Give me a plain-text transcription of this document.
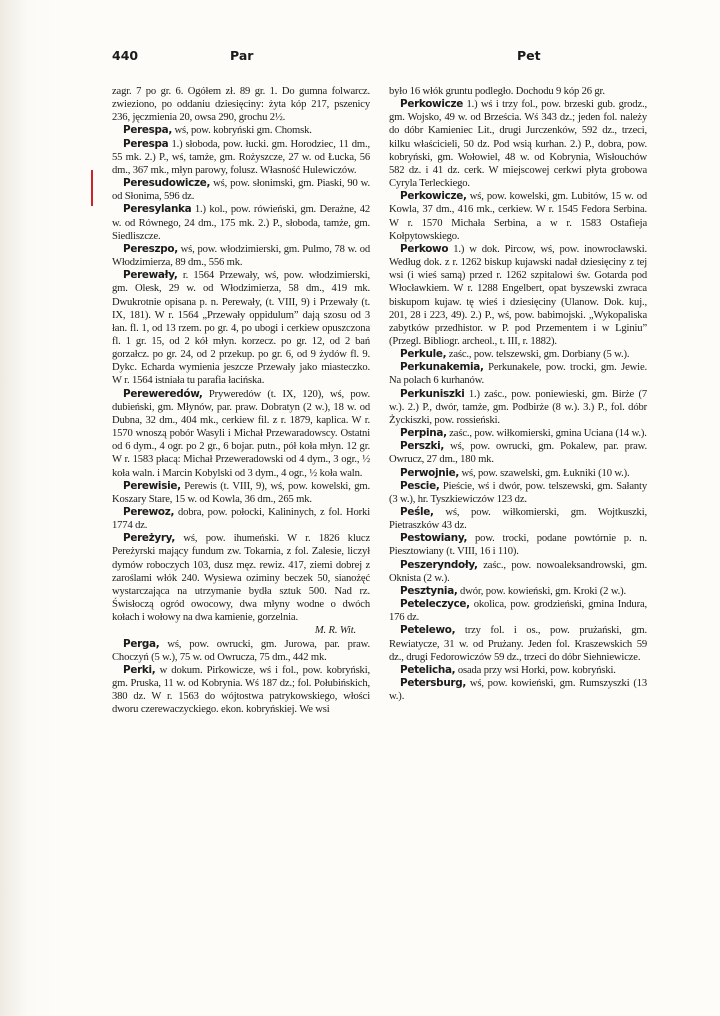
440	Par	Pet

zagr. 7 po gr. 6. Ogółem zł. 89 gr. 1. Do gumna folwarcz. zwieziono, po oddaniu dziesięciny: żyta kóp 217, pszenicy 236, jęczmienia 20, owsa 290, grochu 2½.

Perespa, wś, pow. kobryński gm. Chomsk.

Perespa 1.) słoboda, pow. łucki. gm. Horodziec, 11 dm., 55 mk. 2.) P., wś, tamże, gm. Rożyszcze, 27 w. od Łucka, 56 dm., 367 mk., młyn parowy, folusz. Własność Hulewiczów.

Peresudowicze, wś, pow. słonimski, gm. Piaski, 90 w. od Słonima, 596 dz.

Peresylanka 1.) kol., pow. rówieński, gm. Derażne, 42 w. od Równego, 24 dm., 175 mk. 2.) P., słoboda, tamże, gm. Siedliszcze.

Pereszpo, wś, pow. włodzimierski, gm. Pulmo, 78 w. od Włodzimierza, 89 dm., 556 mk.

Perewały, r. 1564 Przewały, wś, pow. włodzimierski, gm. Olesk, 29 w. od Włodzimierza, 58 dm., 419 mk. Dwukrotnie opisana p. n. Perewały, (t. VIII, 9) i Przewały (t. IX, 181). W r. 1564 „Przewały oppidulum” dają szosu od 3 łan. fl. 1, od 13 rzem. po gr. 4, po ubogi i cerkiew opuszczona fl. 1 gr. 15, od 2 kół młyn. korzecz. po gr. 12, od 2 bań gorzałcz. po gr. 24, od 2 przekup. po gr. 6, od 9 żydów fl. 9. Dykc. Echarda wymienia jeszcze Przewały jako miasteczko. W r. 1564 istniała tu parafia łacińska.

Pereweredów, Pryweredów (t. IX, 120), wś, pow. dubieński, gm. Młynów, par. praw. Dobratyn (2 w.), 18 w. od Dubna, 32 dm., 404 mk., cerkiew fil. z r. 1879, kaplica. W r. 1570 wnoszą pobór Wasyli i Michał Przewaradowscy. Ostatni od 6 dym., 4 ogr. po 2 gr., 6 bojar. putn., pół koła młyn. 12 gr. W r. 1583 płacą: Michał Przeweradowski od 4 dym., 3 ogr., ½ koła waln. i Marcin Kobylski od 3 dym., 4 ogr., ½ koła waln.

Perewisie, Perewis (t. VIII, 9), wś, pow. kowelski, gm. Koszary Stare, 15 w. od Kowla, 36 dm., 265 mk.

Perewoz, dobra, pow. połocki, Kalininych, z fol. Horki 1774 dz.

Pereżyry, wś, pow. ihumeński. W r. 1826 klucz Pereżyrski mający fundum zw. Tokarnia, z fol. Zalesie, liczył dymów roboczych 103, dusz męz. rewiz. 417, ziemi dobrej z zaroślami włók 240. Wysiewa oziminy beczek 50, sianożęć wystarczająca na utrzymanie bydła sztuk 500. Nad rz. Świsłoczą ogród owocowy, dwa młyny wodne o dwóch kołach i wołowy na dwa kamienie, gorzelnia.

M. R. Wit.

Perga, wś, pow. owrucki, gm. Jurowa, par. praw. Choczyń (5 w.), 75 w. od Owrucza, 75 dm., 442 mk.

Perki, w dokum. Pirkowicze, wś i fol., pow. kobryński, gm. Pruska, 11 w. od Kobrynia. Wś 187 dz.; fol. Połubińskich, 380 dz. W r. 1563 do wójtostwa patrykowskiego, włości dworu czerewaczyckiego. ekon. kobryńskiej. We wsi

było 16 włók gruntu podległo. Dochodu 9 kóp 26 gr.

Perkowicze 1.) wś i trzy fol., pow. brzeski gub. grodz., gm. Wojsko, 49 w. od Brześcia. Wś 343 dz.; jeden fol. należy do dóbr Kamieniec Lit., drugi Jurczenków, 592 dz., trzeci, kilku właścicieli, 50 dz. Pod wsią kurhan. 2.) P., dobra, pow. kobryński, gm. Wołowiel, 48 w. od Kobrynia, Wisłouchów 582 dz. i 41 dz. cerk. W miejscowej cerkwi płyta grobowa Cyryla Terleckiego.

Perkowicze, wś, pow. kowelski, gm. Lubitów, 15 w. od Kowla, 37 dm., 416 mk., cerkiew. W r. 1545 Fedora Serbina. W r. 1570 Michała Serbina, a w r. 1583 Ostafieja Kołpytowskiego.

Perkowo 1.) w dok. Pircow, wś, pow. inowrocławski. Według dok. z r. 1262 biskup kujawski nadał dziesięciny z tej wsi (i wieś samą) przed r. 1262 szpitalowi św. Gotarda pod Włocławkiem. W r. 1288 Engelbert, opat byszewski zwraca biskupom kujaw. tę wieś i dziesięciny (Ulanow. Dok. kuj., 201, 28 i 223, 49). 2.) P., wś, pow. babimojski. „Wykopaliska zabytków przedhistor. w P. pod Przementem i w Lginiu” (Przegl. Bibliogr. archeol., t. III, r. 1882).

Perkule, zaśc., pow. telszewski, gm. Dorbiany (5 w.).

Perkunakemia, Perkunakele, pow. trocki, gm. Jewie. Na polach 6 kurhanów.

Perkuniszki 1.) zaśc., pow. poniewieski, gm. Birże (7 w.). 2.) P., dwór, tamże, gm. Podbirże (8 w.). 3.) P., fol. dóbr Życkiszki, pow. rossieński.

Perpina, zaśc., pow. wiłkomierski, gmina Uciana (14 w.).

Perszki, wś, pow. owrucki, gm. Pokalew, par. praw. Owrucz, 27 dm., 180 mk.

Perwojnie, wś, pow. szawelski, gm. Łukniki (10 w.).

Pescie, Pieście, wś i dwór, pow. telszewski, gm. Sałanty (3 w.), hr. Tyszkiewiczów 123 dz.

Peśle, wś, pow. wiłkomierski, gm. Wojtkuszki, Pietraszków 43 dz.

Pestowiany, pow. trocki, podane powtórnie p. n. Piesztowiany (t. VIII, 16 i 110).

Peszeryndoły, zaśc., pow. nowoaleksandrowski, gm. Oknista (2 w.).

Pesztynia, dwór, pow. kowieński, gm. Kroki (2 w.).

Peteleczyce, okolica, pow. grodzieński, gmina Indura, 176 dz.

Petelewo, trzy fol. i os., pow. prużański, gm. Rewiatycze, 31 w. od Prużany. Jeden fol. Kraszewskich 59 dz., drugi Fedorowiczów 59 dz., trzeci do dóbr Siehniewicze.

Petelicha, osada przy wsi Horki, pow. kobryński.

Petersburg, wś, pow. kowieński, gm. Rumszyszki (13 w.).
